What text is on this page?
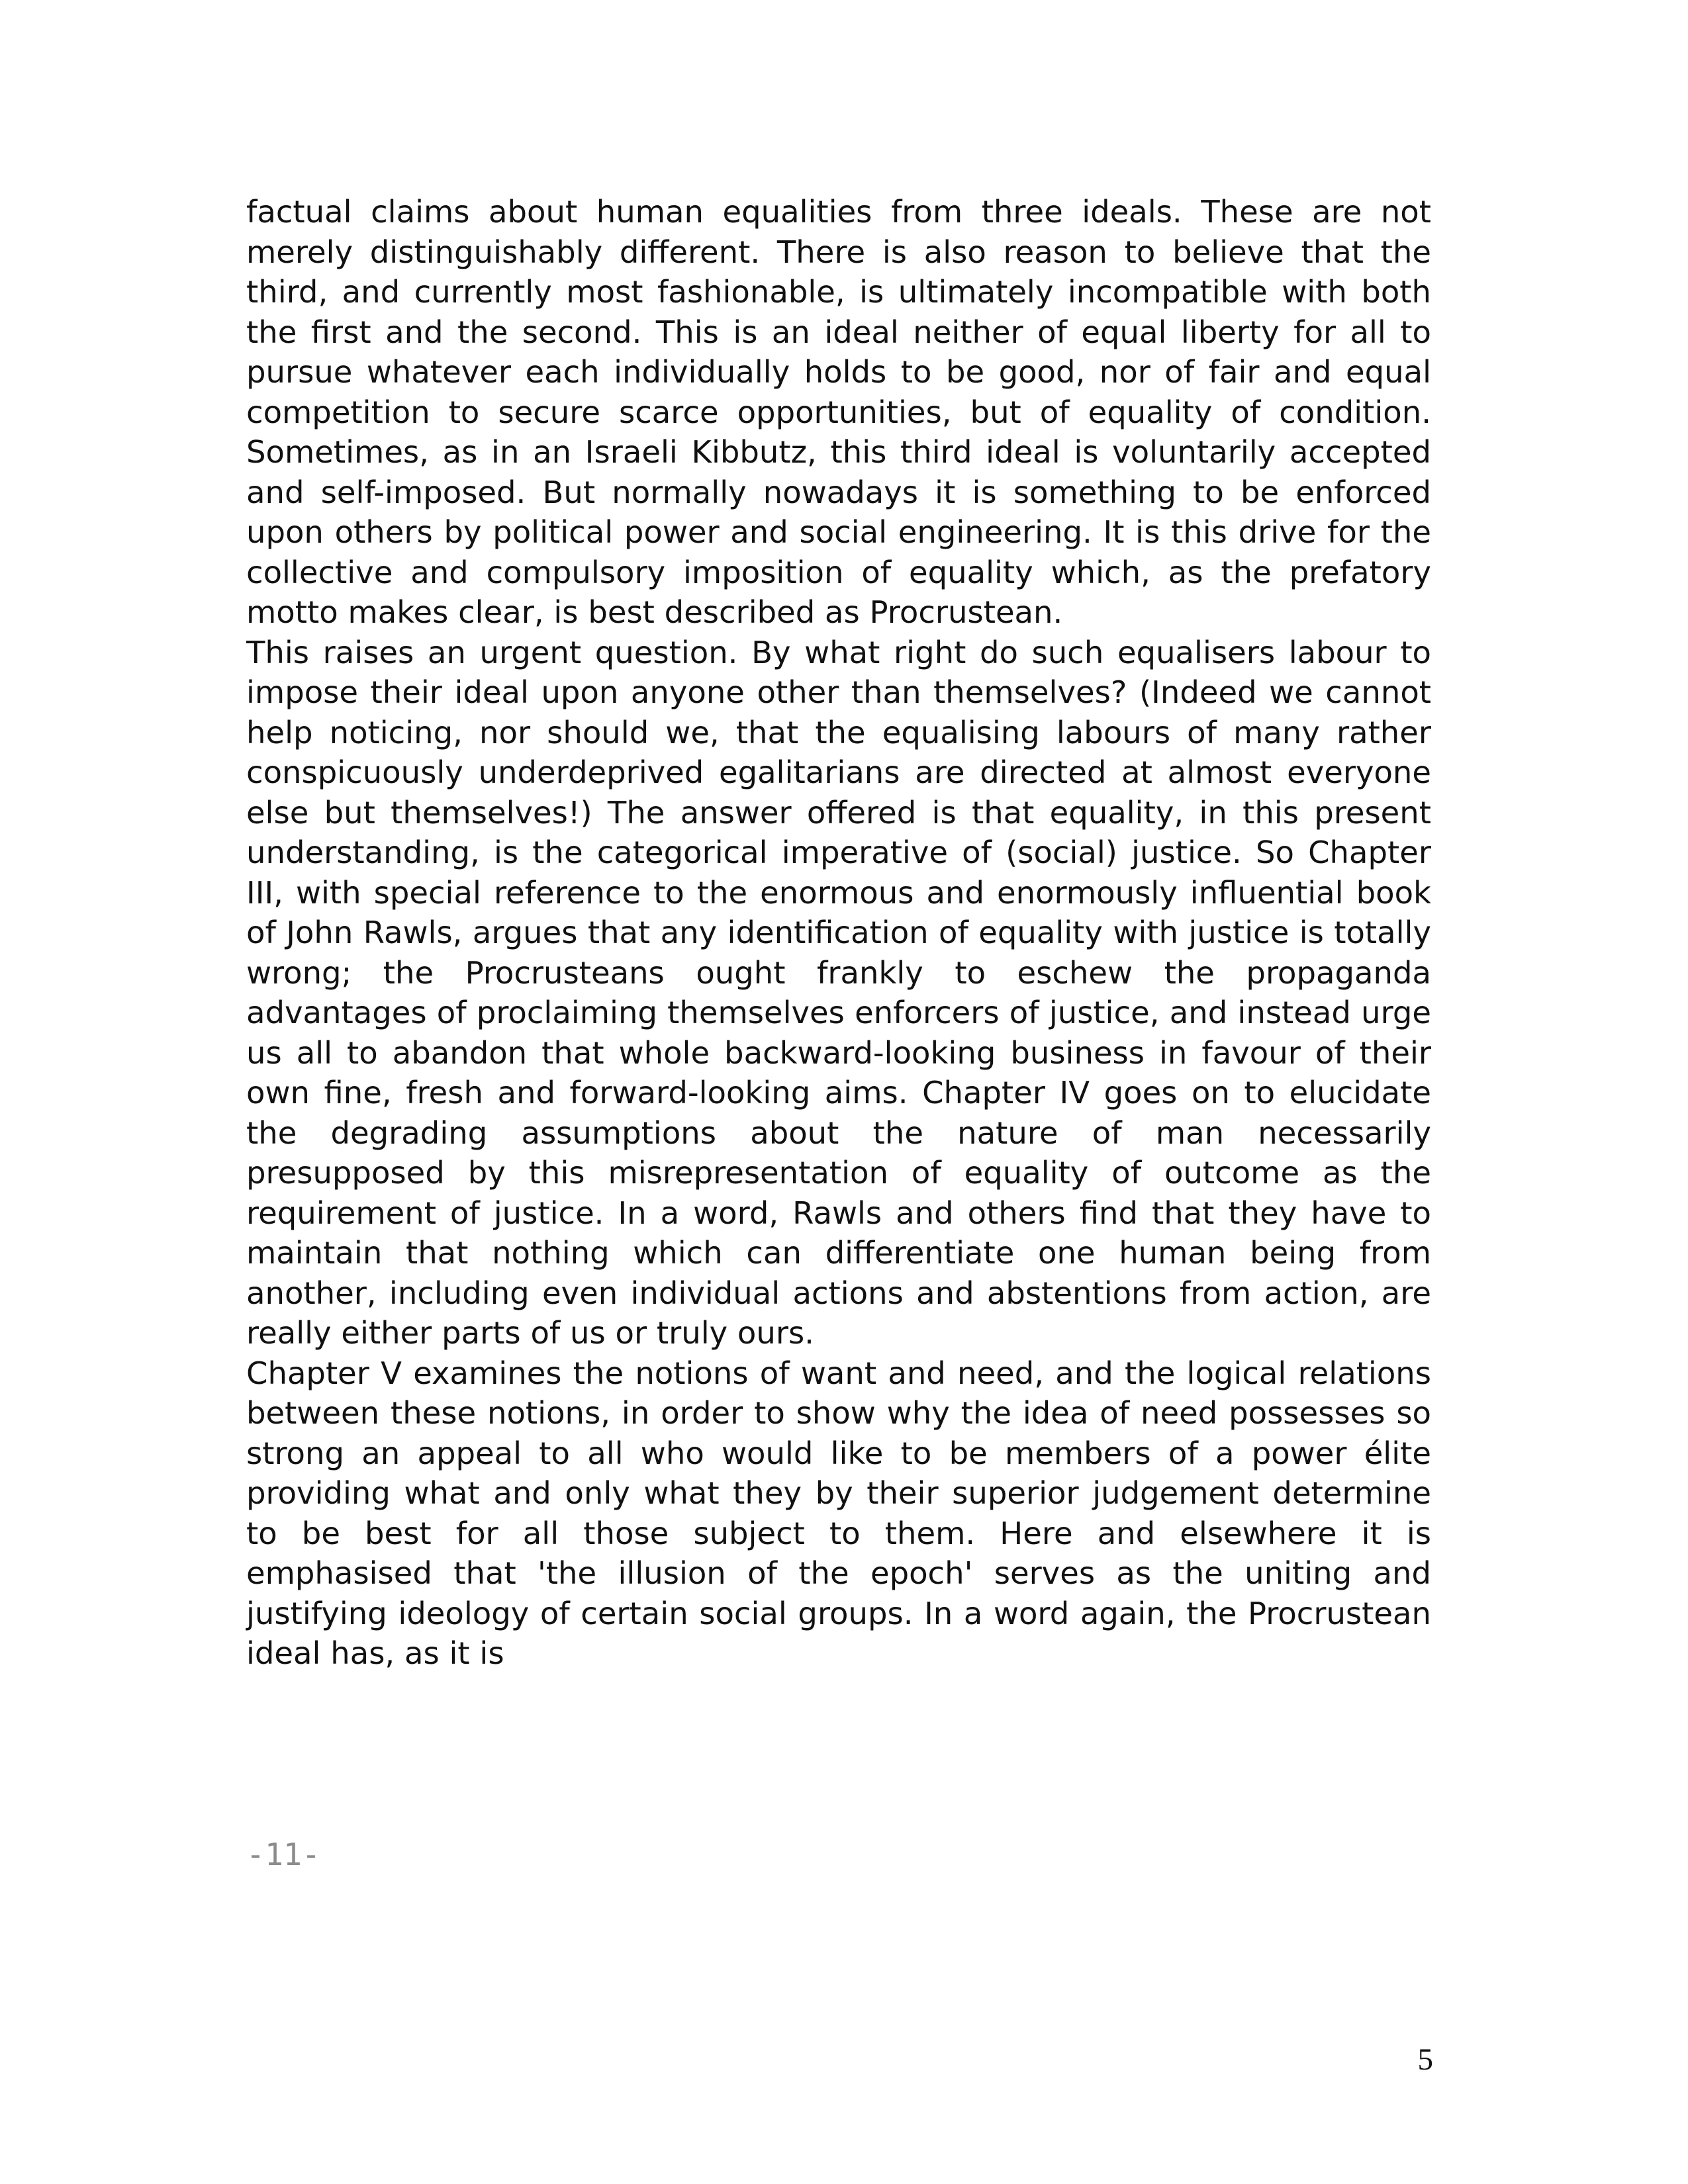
factual claims about human equalities from three ideals. These are not merely distinguishably different. There is also reason to believe that the third, and currently most fashionable, is ultimately incompatible with both the first and the second. This is an ideal neither of equal liberty for all to pursue whatever each individually holds to be good, nor of fair and equal competition to secure scarce opportunities, but of equality of condition. Sometimes, as in an Israeli Kibbutz, this third ideal is voluntarily accepted and self-imposed. But normally nowadays it is something to be enforced upon others by political power and social engineering. It is this drive for the collective and compulsory imposition of equality which, as the prefatory motto makes clear, is best described as Procrustean.

This raises an urgent question. By what right do such equalisers labour to impose their ideal upon anyone other than themselves? (Indeed we cannot help noticing, nor should we, that the equalising labours of many rather conspicuously underdeprived egalitarians are directed at almost everyone else but themselves!) The answer offered is that equality, in this present understanding, is the categorical imperative of (social) justice. So Chapter III, with special reference to the enormous and enormously influential book of John Rawls, argues that any identification of equality with justice is totally wrong; the Procrusteans ought frankly to eschew the propaganda advantages of proclaiming themselves enforcers of justice, and instead urge us all to abandon that whole backward-looking business in favour of their own fine, fresh and forward-looking aims. Chapter IV goes on to elucidate the degrading assumptions about the nature of man necessarily presupposed by this misrepresentation of equality of outcome as the requirement of justice. In a word, Rawls and others find that they have to maintain that nothing which can differentiate one human being from another, including even individual actions and abstentions from action, are really either parts of us or truly ours.

Chapter V examines the notions of want and need, and the logical relations between these notions, in order to show why the idea of need possesses so strong an appeal to all who would like to be members of a power élite providing what and only what they by their superior judgement determine to be best for all those subject to them. Here and elsewhere it is emphasised that 'the illusion of the epoch' serves as the uniting and justifying ideology of certain social groups. In a word again, the Procrustean ideal has, as it is

-11-

5
